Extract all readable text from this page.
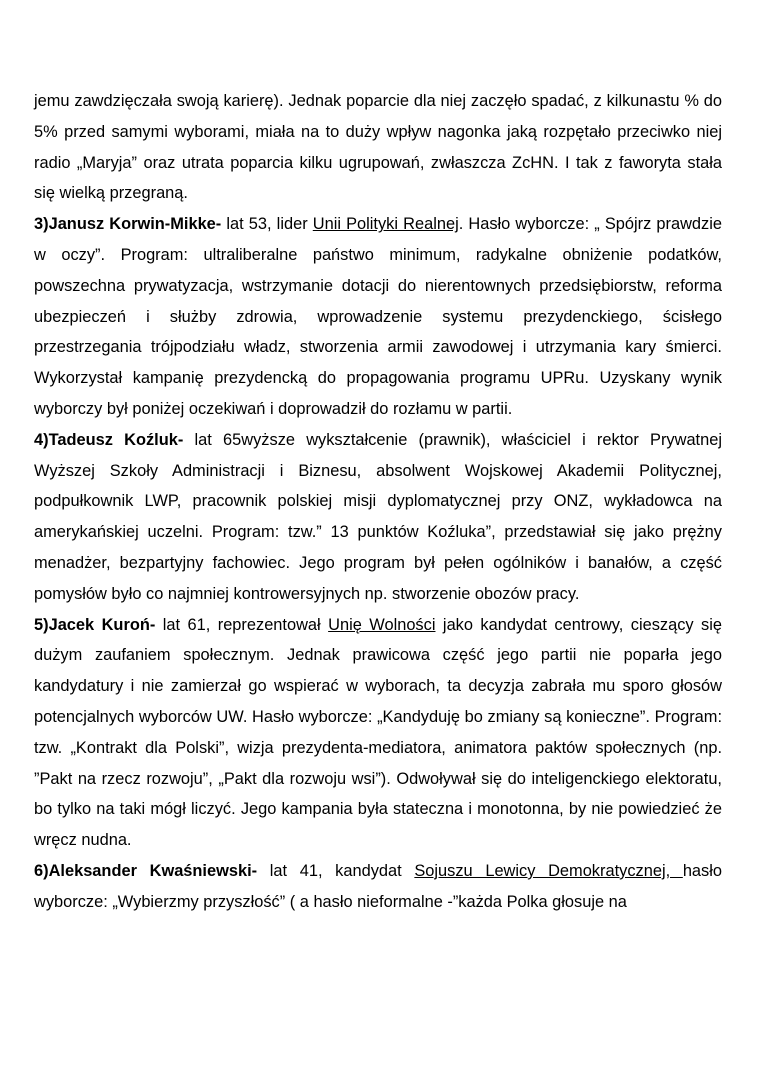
jemu zawdzięczała swoją karierę). Jednak poparcie dla niej zaczęło spadać, z kilkunastu % do 5% przed samymi wyborami, miała na to duży wpływ nagonka jaką rozpętało przeciwko niej radio „Maryja” oraz utrata poparcia kilku ugrupowań, zwłaszcza ZcHN. I tak z faworyta stała się wielką przegraną.

3)Janusz Korwin-Mikke- lat 53, lider Unii Polityki Realnej. Hasło wyborcze: „ Spójrz prawdzie w oczy”. Program: ultraliberalne państwo minimum, radykalne obniżenie podatków, powszechna prywatyzacja, wstrzymanie dotacji do nierentownych przedsiębiorstw, reforma ubezpieczeń i służby zdrowia, wprowadzenie systemu prezydenckiego, ścisłego przestrzegania trójpodziału władz, stworzenia armii zawodowej i utrzymania kary śmierci. Wykorzystał kampanię prezydencką do propagowania programu UPRu. Uzyskany wynik wyborczy był poniżej oczekiwań i doprowadził do rozłamu w partii.

4)Tadeusz Koźluk- lat 65wyższe wykształcenie (prawnik), właściciel i rektor Prywatnej Wyższej Szkoły Administracji i Biznesu, absolwent Wojskowej Akademii Politycznej, podpułkownik LWP, pracownik polskiej misji dyplomatycznej przy ONZ, wykładowca na amerykańskiej uczelni. Program: tzw.” 13 punktów Koźluka”, przedstawiał się jako prężny menadżer, bezpartyjny fachowiec. Jego program był pełen ogólników i banałów, a część pomysłów było co najmniej kontrowersyjnych np. stworzenie obozów pracy.

5)Jacek Kuroń- lat 61, reprezentował Unię Wolności jako kandydat centrowy, cieszący się dużym zaufaniem społecznym. Jednak prawicowa część jego partii nie poparła jego kandydatury i nie zamierzał go wspierać w wyborach, ta decyzja zabrała mu sporo głosów potencjalnych wyborców UW. Hasło wyborcze: „Kandyduję bo zmiany są konieczne”. Program: tzw. „Kontrakt dla Polski”, wizja prezydenta-mediatora, animatora paktów społecznych (np. ”Pakt na rzecz rozwoju”, „Pakt dla rozwoju wsi”). Odwoływał się do inteligenckiego elektoratu, bo tylko na taki mógł liczyć. Jego kampania była stateczna i monotonna, by nie powiedzieć że wręcz nudna.

6)Aleksander Kwaśniewski- lat 41, kandydat Sojuszu Lewicy Demokratycznej, hasło wyborcze: „Wybierzmy przyszłość” ( a hasło nieformalne -”każda Polka głosuje na
